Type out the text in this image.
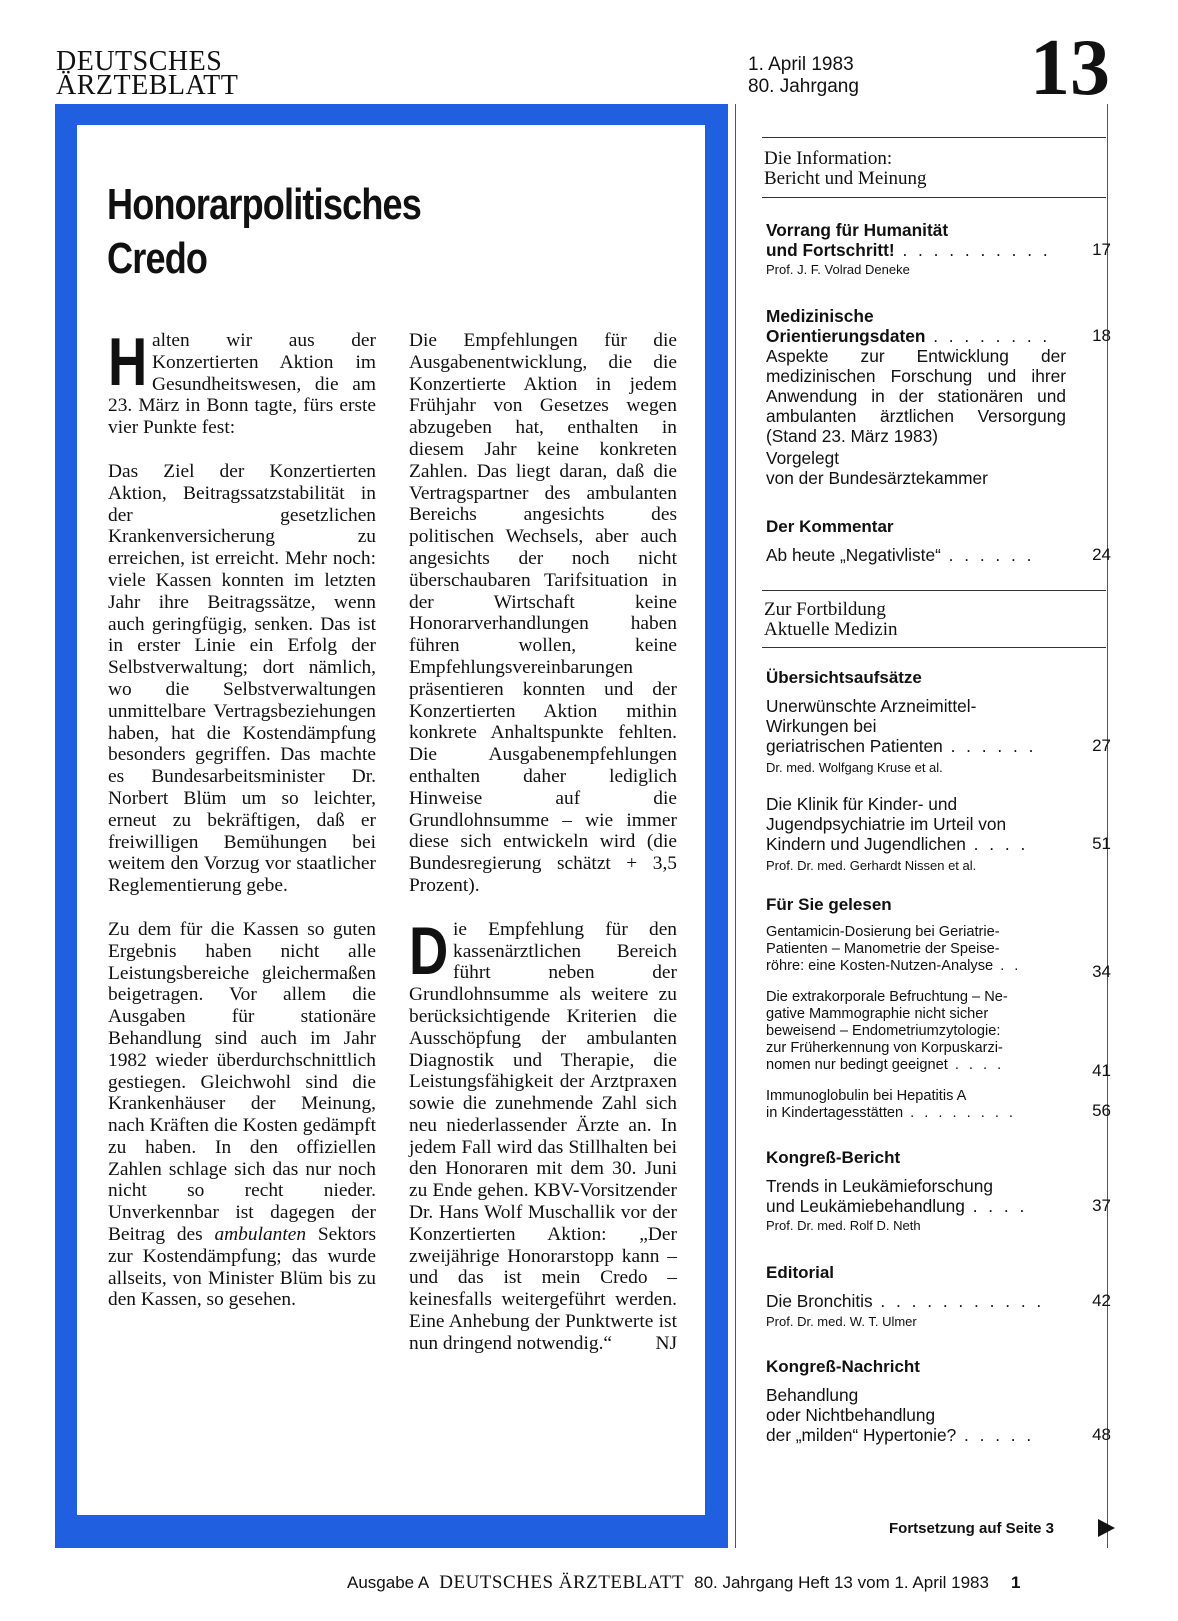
DEUTSCHES
ÄRZTEBLATT
1. April 1983
80. Jahrgang 13
Honorarpolitisches
Credo

Halten wir aus der Konzertierten Aktion im Gesundheitswesen, die am 23. März in Bonn tagte, fürs erste vier Punkte fest:

Das Ziel der Konzertierten Aktion, Beitragssatzstabilität in der gesetzlichen Krankenversicherung zu erreichen, ist erreicht. Mehr noch: viele Kassen konnten im letzten Jahr ihre Beitragssätze, wenn auch geringfügig, senken. Das ist in erster Linie ein Erfolg der Selbstverwaltung; dort nämlich, wo die Selbstverwaltungen unmittelbare Vertragsbeziehungen haben, hat die Kostendämpfung besonders gegriffen. Das machte es Bundesarbeitsminister Dr. Norbert Blüm um so leichter, erneut zu bekräftigen, daß er freiwilligen Bemühungen bei weitem den Vorzug vor staatlicher Reglementierung gebe.

Zu dem für die Kassen so guten Ergebnis haben nicht alle Leistungsbereiche gleichermaßen beigetragen. Vor allem die Ausgaben für stationäre Behandlung sind auch im Jahr 1982 wieder überdurchschnittlich gestiegen. Gleichwohl sind die Krankenhäuser der Meinung, nach Kräften die Kosten gedämpft zu haben. In den offiziellen Zahlen schlage sich das nur noch nicht so recht nieder. Unverkennbar ist dagegen der Beitrag des ambulanten Sektors zur Kostendämpfung; das wurde allseits, von Minister Blüm bis zu den Kassen, so gesehen.

Die Empfehlungen für die Ausgabenentwicklung, die die Konzertierte Aktion in jedem Frühjahr von Gesetzes wegen abzugeben hat, enthalten in diesem Jahr keine konkreten Zahlen. Das liegt daran, daß die Vertragspartner des ambulanten Bereichs angesichts des politischen Wechsels, aber auch angesichts der noch nicht überschaubaren Tarifsituation in der Wirtschaft keine Honorarverhandlungen haben führen wollen, keine Empfehlungsvereinbarungen präsentieren konnten und der Konzertierten Aktion mithin konkrete Anhaltspunkte fehlten. Die Ausgabenempfehlungen enthalten daher lediglich Hinweise auf die Grundlohnsumme – wie immer diese sich entwickeln wird (die Bundesregierung schätzt + 3,5 Prozent).

Die Empfehlung für den kassenärztlichen Bereich führt neben der Grundlohnsumme als weitere zu berücksichtigende Kriterien die Ausschöpfung der ambulanten Diagnostik und Therapie, die Leistungsfähigkeit der Arztpraxen sowie die zunehmende Zahl sich neu niederlassender Ärzte an. In jedem Fall wird das Stillhalten bei den Honoraren mit dem 30. Juni zu Ende gehen. KBV-Vorsitzender Dr. Hans Wolf Muschallik vor der Konzertierten Aktion: „Der zweijährige Honorarstopp kann – und das ist mein Credo – keinesfalls weitergeführt werden. Eine Anhebung der Punktwerte ist nun dringend notwendig.“ NJ

Die Information:
Bericht und Meinung
Vorrang für Humanität
und Fortschritt! . . . . . . . . . .	17
Prof. J. F. Volrad Deneke
Medizinische
Orientierungsdaten . . . . . . . .	18
Aspekte zur Entwicklung der medizinischen Forschung und ihrer Anwendung in der stationären und ambulanten ärztlichen Versorgung (Stand 23. März 1983)
Vorgelegt
von der Bundesärztekammer
Der Kommentar
Ab heute „Negativliste“ . . . . . .	24
Zur Fortbildung
Aktuelle Medizin
Übersichtsaufsätze
Unerwünschte Arzneimittel-
Wirkungen bei
geriatrischen Patienten . . . . . .	27
Dr. med. Wolfgang Kruse et al.
Die Klinik für Kinder- und
Jugendpsychiatrie im Urteil von
Kindern und Jugendlichen . . . .	51
Prof. Dr. med. Gerhardt Nissen et al.
Für Sie gelesen
Gentamicin-Dosierung bei Geriatrie-
Patienten – Manometrie der Speise-
röhre: eine Kosten-Nutzen-Analyse . .	34
Die extrakorporale Befruchtung – Ne-
gative Mammographie nicht sicher
beweisend – Endometriumzytologie:
zur Früherkennung von Korpuskarzi-
nomen nur bedingt geeignet . . . .	41
Immunoglobulin bei Hepatitis A
in Kindertagesstätten . . . . . . . .	56
Kongreß-Bericht
Trends in Leukämieforschung
und Leukämiebehandlung . . . .	37
Prof. Dr. med. Rolf D. Neth
Editorial
Die Bronchitis . . . . . . . . . . .	42
Prof. Dr. med. W. T. Ulmer
Kongreß-Nachricht
Behandlung
oder Nichtbehandlung
der „milden“ Hypertonie? . . . . .	48
Fortsetzung auf Seite 3
Ausgabe A DEUTSCHES ÄRZTEBLATT 80. Jahrgang Heft 13 vom 1. April 1983 1
